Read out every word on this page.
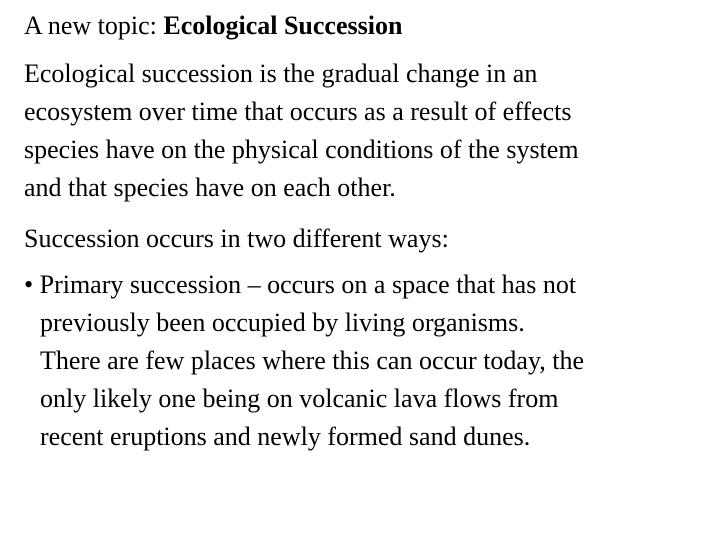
A new topic: Ecological Succession
Ecological succession is the gradual change in an
ecosystem over time that occurs as a result of effects
species have on the physical conditions of the system
and that species have on each other.
Succession occurs in two different ways:
• Primary succession – occurs on a space that has not
previously been occupied by living organisms.
There are few places where this can occur today, the
only likely one being on volcanic lava flows from
recent eruptions and newly formed sand dunes.
